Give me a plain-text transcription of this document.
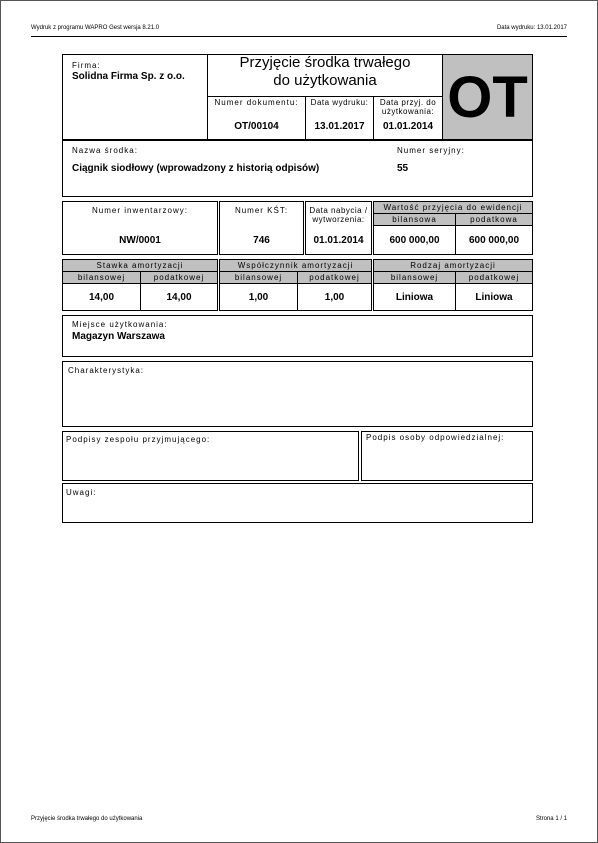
Wydruk z programu WAPRO Gest wersja 8.21.0	Data wydruku: 13.01.2017
Firma:
Solidna Firma Sp. z o.o.
Przyjęcie środka trwałego
do użytkowania	OT
Numer dokumentu:
OT/00104
Data wydruku:
13.01.2017
Data przyj. do użytkowania:
01.01.2014
Nazwa środka:
Ciągnik siodłowy (wprowadzony z historią odpisów)
Numer seryjny:
55
Numer inwentarzowy:
NW/0001
Numer KŚT:
746
Data nabycia / wytworzenia:
01.01.2014
Wartość przyjęcia do ewidencji
bilansowa	podatkowa
600 000,00	600 000,00
Stawka amortyzacji
bilansowej	podatkowej
14,00	14,00
Współczynnik amortyzacji
bilansowej	podatkowej
1,00	1,00
Rodzaj amortyzacji
bilansowej	podatkowej
Liniowa	Liniowa
Miejsce użytkowania:
Magazyn Warszawa
Charakterystyka:
Podpisy zespołu przyjmującego:	Podpis osoby odpowiedzialnej:
Uwagi:
Przyjęcie środka trwałego do użytkowania	Strona 1 / 1
